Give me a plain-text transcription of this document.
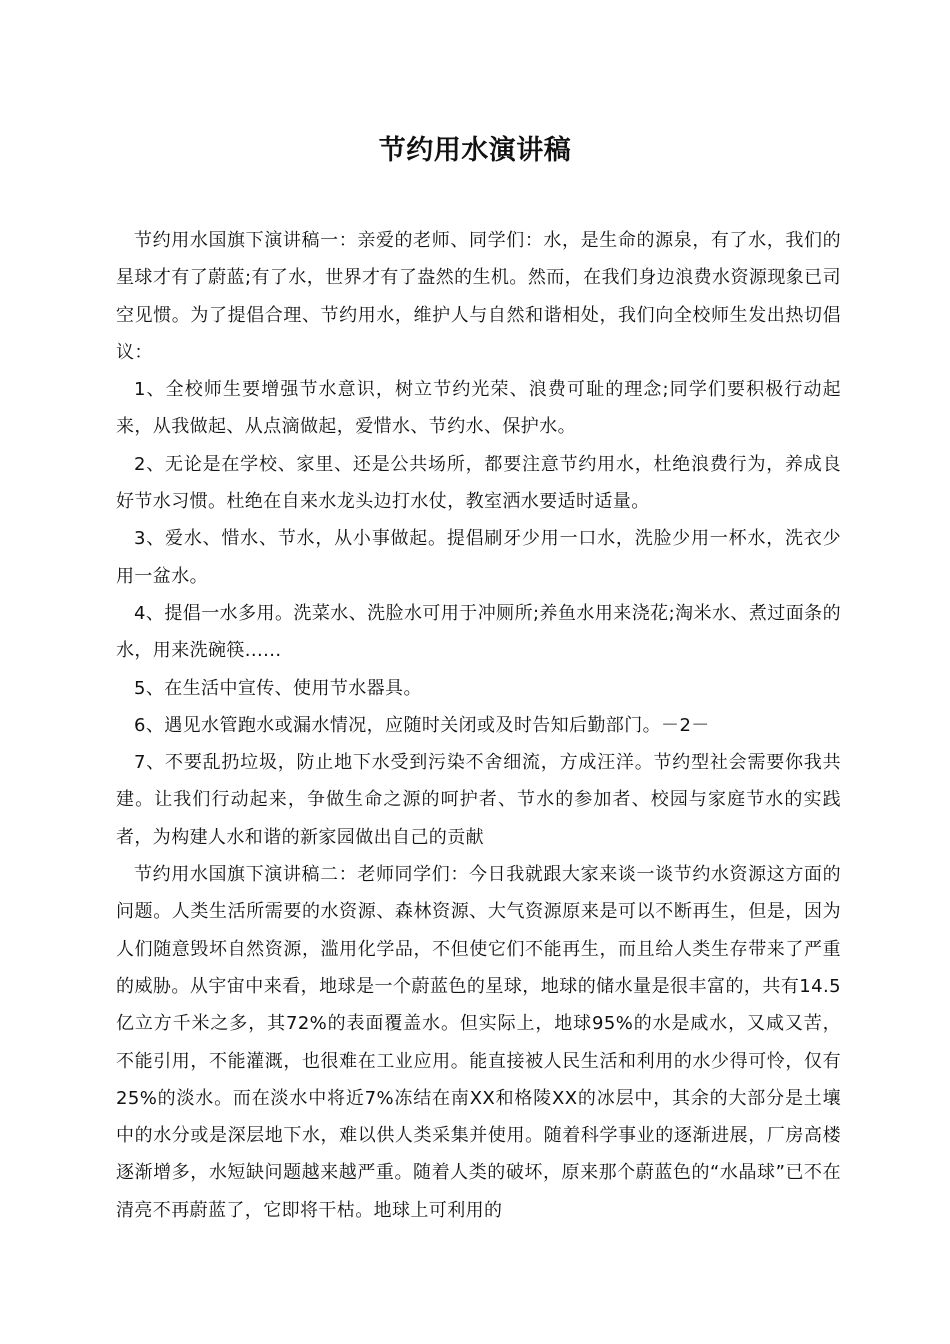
节约用水演讲稿

节约用水国旗下演讲稿一：亲爱的老师、同学们：水，是生命的源泉，有了水，我们的星球才有了蔚蓝;有了水，世界才有了盎然的生机。然而，在我们身边浪费水资源现象已司空见惯。为了提倡合理、节约用水，维护人与自然和谐相处，我们向全校师生发出热切倡议：

1、全校师生要增强节水意识，树立节约光荣、浪费可耻的理念;同学们要积极行动起来，从我做起、从点滴做起，爱惜水、节约水、保护水。

2、无论是在学校、家里、还是公共场所，都要注意节约用水，杜绝浪费行为，养成良好节水习惯。杜绝在自来水龙头边打水仗，教室洒水要适时适量。

3、爱水、惜水、节水，从小事做起。提倡刷牙少用一口水，洗脸少用一杯水，洗衣少用一盆水。

4、提倡一水多用。洗菜水、洗脸水可用于冲厕所;养鱼水用来浇花;淘米水、煮过面条的水，用来洗碗筷......

5、在生活中宣传、使用节水器具。

6、遇见水管跑水或漏水情况，应随时关闭或及时告知后勤部门。－2－

7、不要乱扔垃圾，防止地下水受到污染不舍细流，方成汪洋。节约型社会需要你我共建。让我们行动起来，争做生命之源的呵护者、节水的参加者、校园与家庭节水的实践者，为构建人水和谐的新家园做出自己的贡献

节约用水国旗下演讲稿二：老师同学们：今日我就跟大家来谈一谈节约水资源这方面的问题。人类生活所需要的水资源、森林资源、大气资源原来是可以不断再生，但是，因为人们随意毁坏自然资源，滥用化学品，不但使它们不能再生，而且给人类生存带来了严重的威胁。从宇宙中来看，地球是一个蔚蓝色的星球，地球的储水量是很丰富的，共有14.5亿立方千米之多，其72%的表面覆盖水。但实际上，地球95%的水是咸水，又咸又苦，不能引用，不能灌溉，也很难在工业应用。能直接被人民生活和利用的水少得可怜，仅有25%的淡水。而在淡水中将近7%冻结在南XX和格陵XX的冰层中，其余的大部分是土壤中的水分或是深层地下水，难以供人类采集并使用。随着科学事业的逐渐进展，厂房高楼逐渐增多，水短缺问题越来越严重。随着人类的破坏，原来那个蔚蓝色的“水晶球”已不在清亮不再蔚蓝了，它即将干枯。地球上可利用的
